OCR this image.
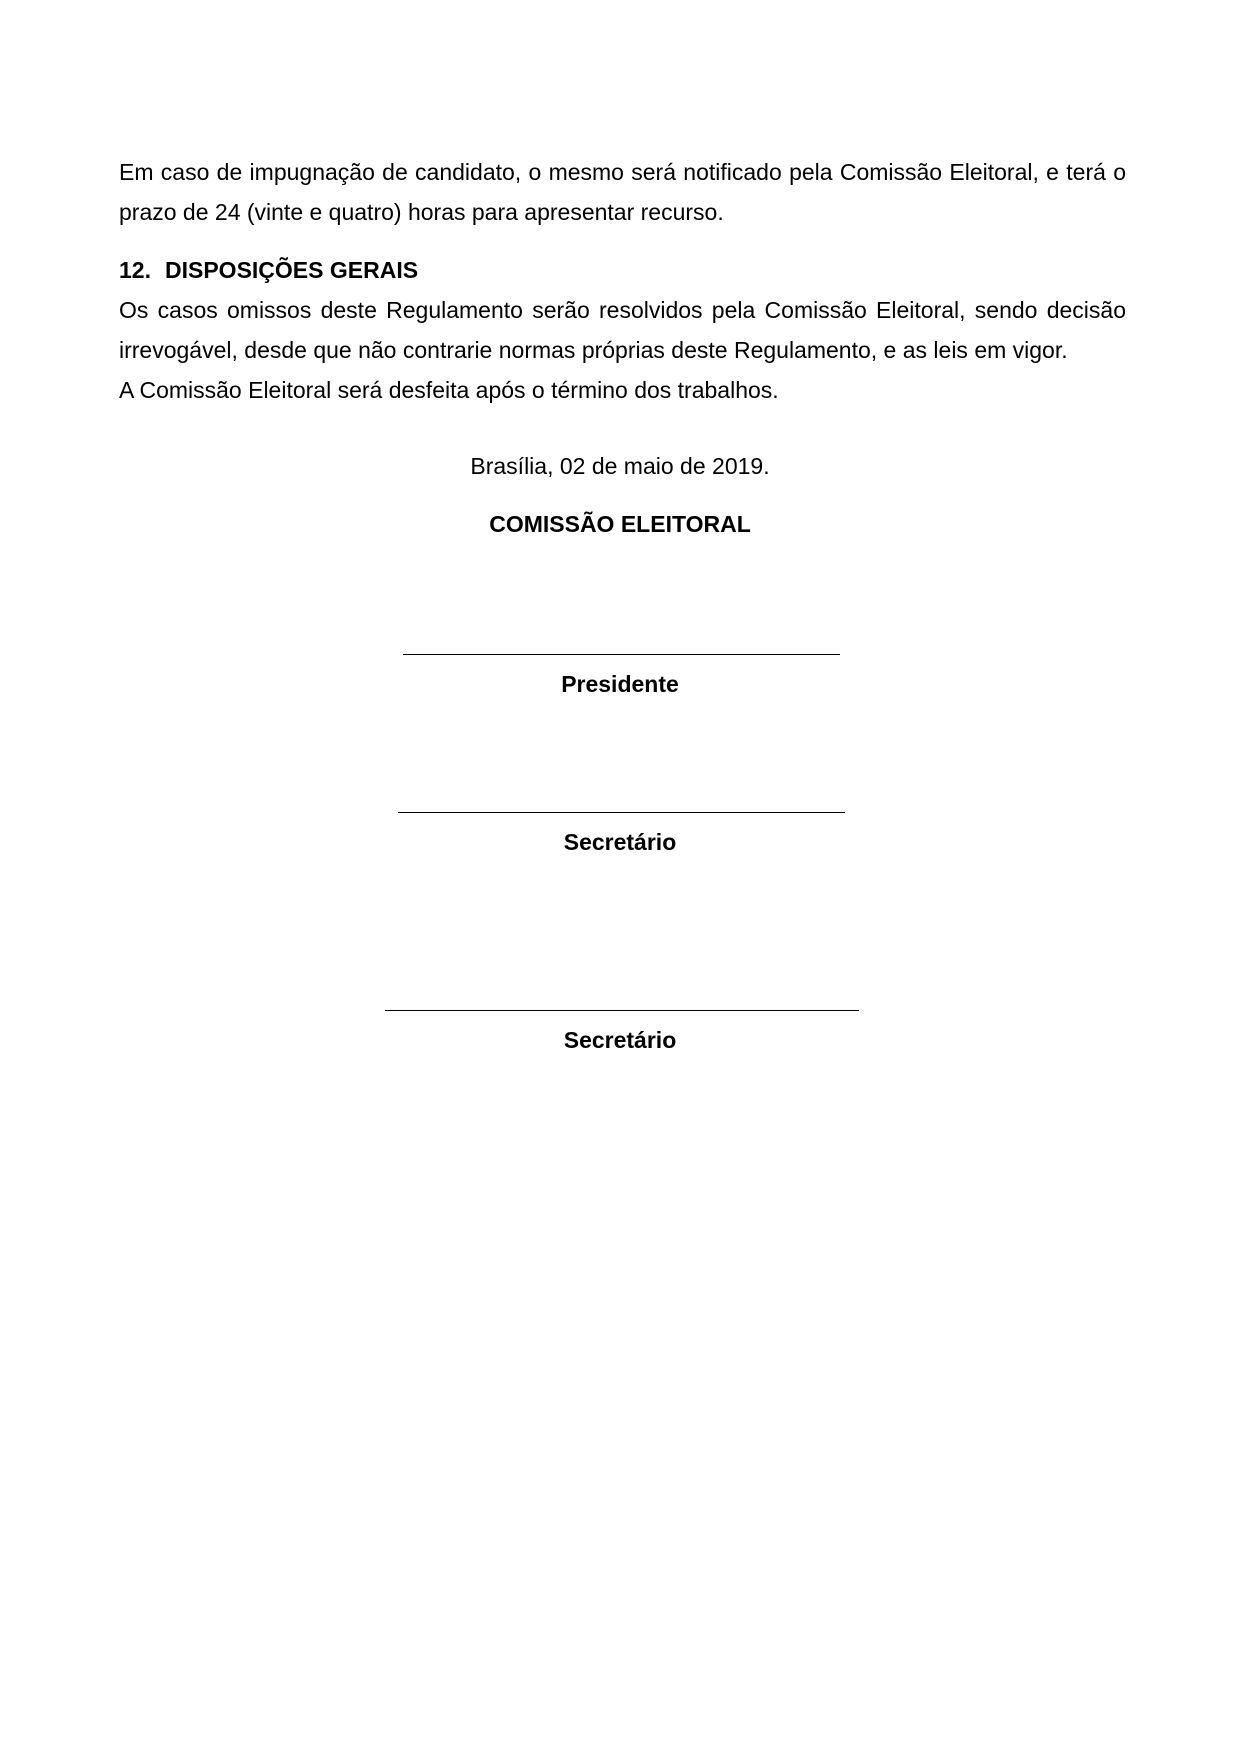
Em caso de impugnação de candidato, o mesmo será notificado pela Comissão Eleitoral, e terá o
prazo de 24 (vinte e quatro) horas para apresentar recurso.
12. DISPOSIÇÕES GERAIS
Os casos omissos deste Regulamento serão resolvidos pela Comissão Eleitoral, sendo decisão
irrevogável, desde que não contrarie normas próprias deste Regulamento, e as leis em vigor.
A Comissão Eleitoral será desfeita após o término dos trabalhos.
Brasília, 02 de maio de 2019.
COMISSÃO ELEITORAL
Presidente
Secretário
Secretário
